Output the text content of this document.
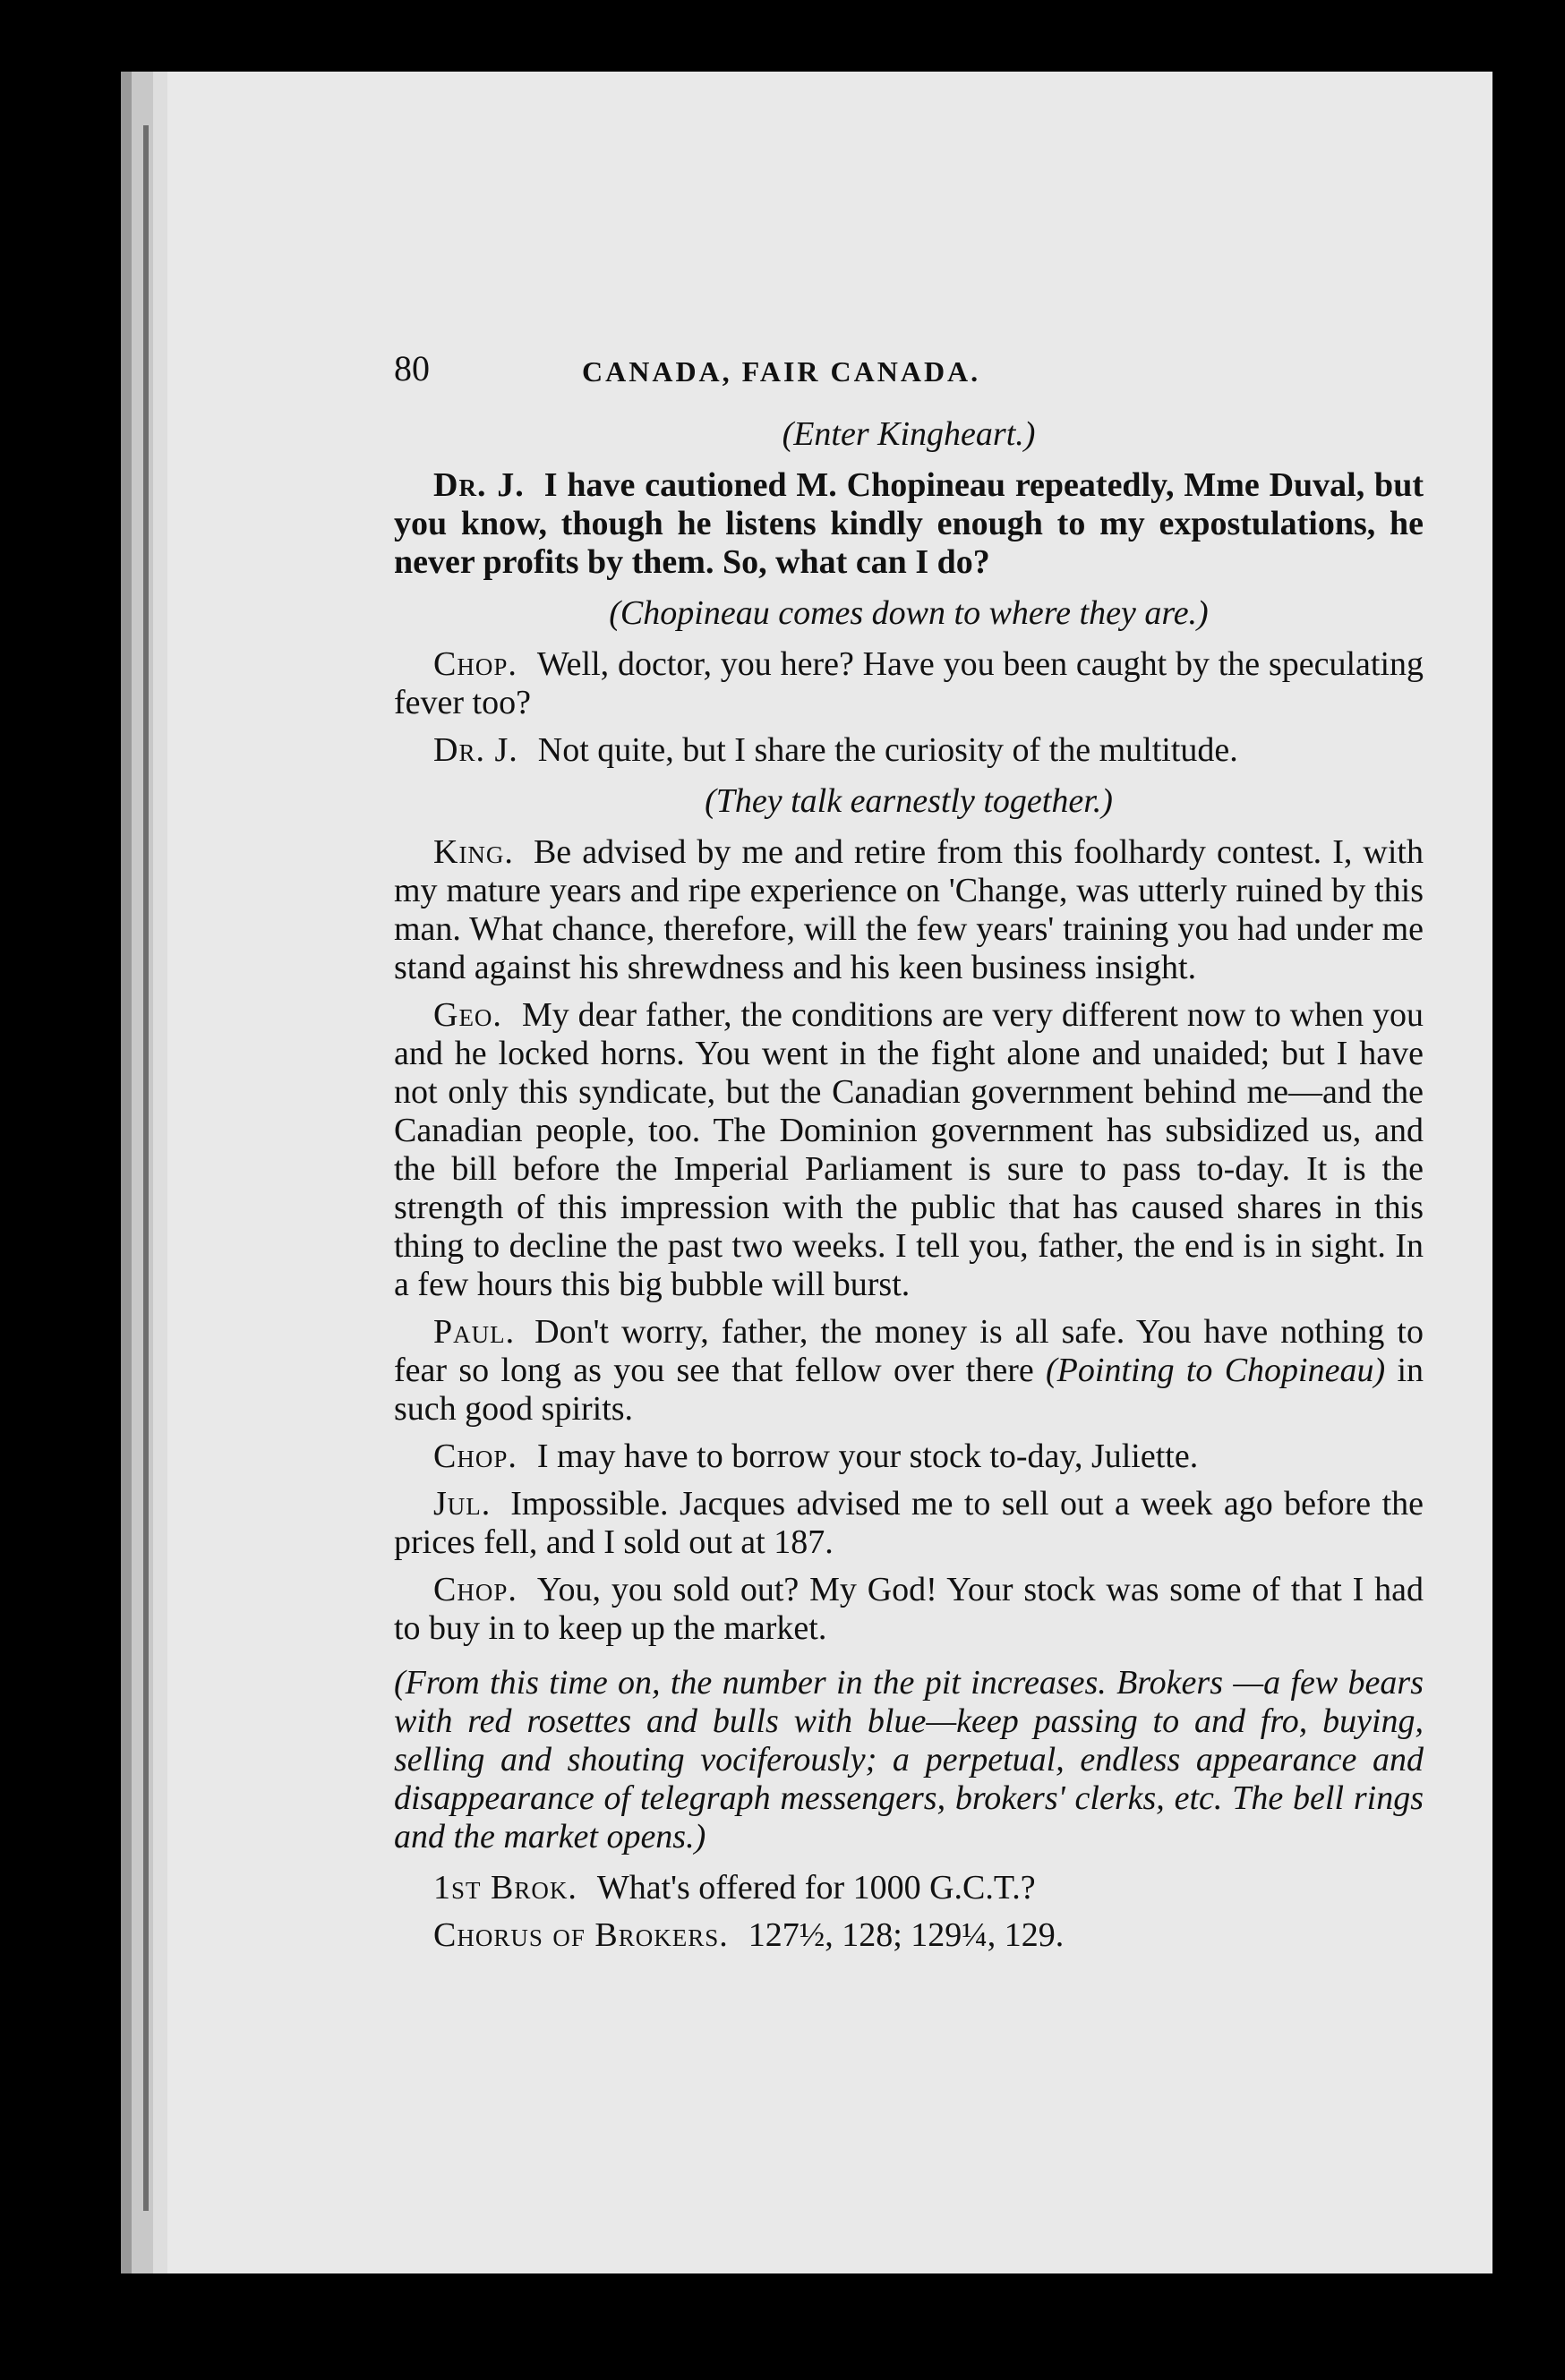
80	CANADA, FAIR CANADA.
(Enter Kingheart.)

Dr. J. I have cautioned M. Chopineau repeatedly, Mme Duval, but you know, though he listens kindly enough to my expostulations, he never profits by them. So, what can I do?

(Chopineau comes down to where they are.)

Chop. Well, doctor, you here? Have you been caught by the speculating fever too?

Dr. J. Not quite, but I share the curiosity of the multitude.

(They talk earnestly together.)

King. Be advised by me and retire from this foolhardy contest. I, with my mature years and ripe experience on 'Change, was utterly ruined by this man. What chance, therefore, will the few years' training you had under me stand against his shrewdness and his keen business insight.

Geo. My dear father, the conditions are very different now to when you and he locked horns. You went in the fight alone and unaided; but I have not only this syndicate, but the Canadian government behind me—and the Canadian people, too. The Dominion government has subsidized us, and the bill before the Imperial Parliament is sure to pass to-day. It is the strength of this impression with the public that has caused shares in this thing to decline the past two weeks. I tell you, father, the end is in sight. In a few hours this big bubble will burst.

Paul. Don't worry, father, the money is all safe. You have nothing to fear so long as you see that fellow over there (Pointing to Chopineau) in such good spirits.

Chop. I may have to borrow your stock to-day, Juliette.

Jul. Impossible. Jacques advised me to sell out a week ago before the prices fell, and I sold out at 187.

Chop. You, you sold out? My God! Your stock was some of that I had to buy in to keep up the market.

(From this time on, the number in the pit increases. Brokers —a few bears with red rosettes and bulls with blue—keep passing to and fro, buying, selling and shouting vociferously; a perpetual, endless appearance and disappearance of telegraph messengers, brokers' clerks, etc. The bell rings and the market opens.)

1st Brok. What's offered for 1000 G.C.T.?

Chorus of Brokers. 127½, 128; 129¼, 129.
